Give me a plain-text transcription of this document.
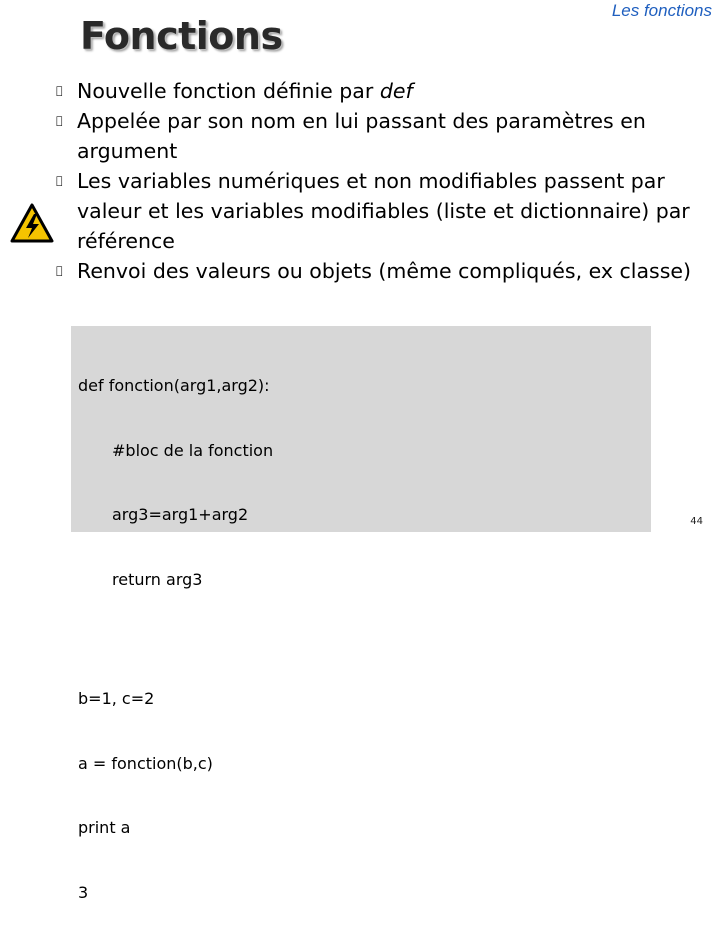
Fonctions
Les fonctions
Nouvelle fonction définie par def
Appelée par son nom en lui passant des paramètres en argument
Les variables numériques et non modifiables passent par valeur et les variables modifiables (liste et dictionnaire) par référence
Renvoi des valeurs ou objets (même compliqués, ex classe)

def fonction(arg1,arg2):

#bloc de la fonction

arg3=arg1+arg2

return arg3

b=1, c=2

a = fonction(b,c)

print a

3

44
